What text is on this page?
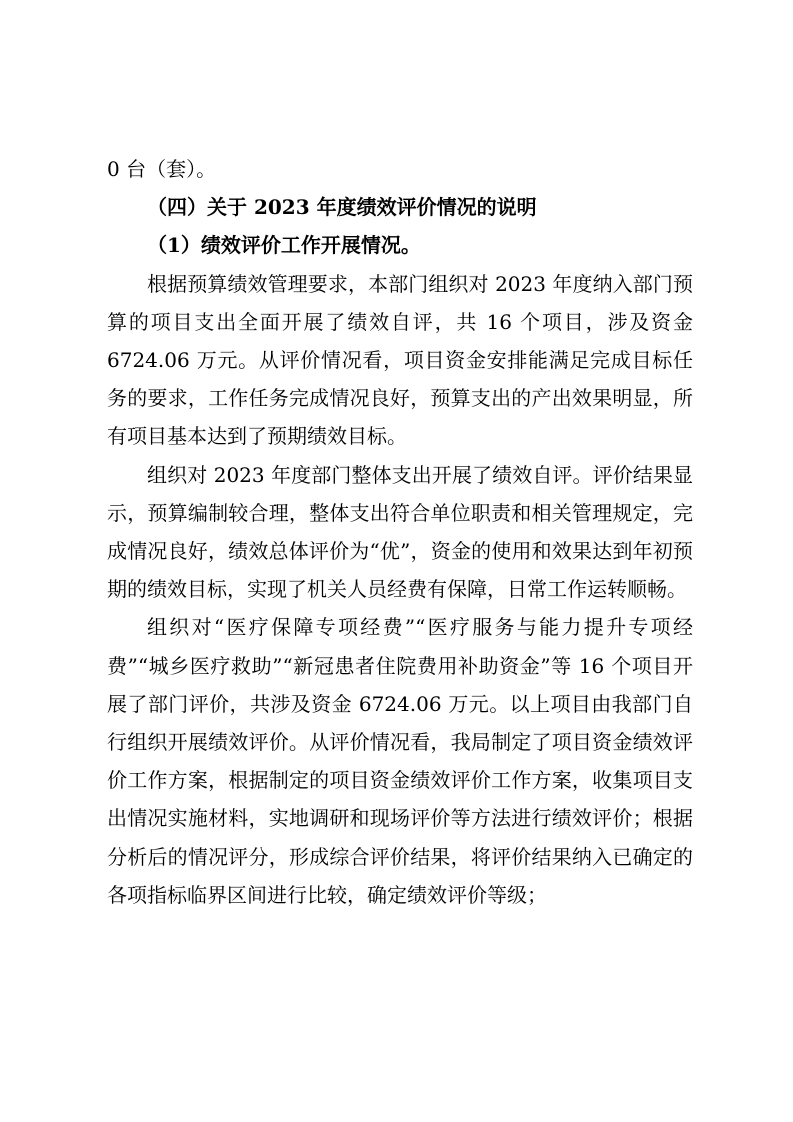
0 台（套）。

（四）关于 2023 年度绩效评价情况的说明

（1）绩效评价工作开展情况。

根据预算绩效管理要求，本部门组织对 2023 年度纳入部门预算的项目支出全面开展了绩效自评，共 16 个项目，涉及资金 6724.06 万元。从评价情况看，项目资金安排能满足完成目标任务的要求，工作任务完成情况良好，预算支出的产出效果明显，所有项目基本达到了预期绩效目标。

组织对 2023 年度部门整体支出开展了绩效自评。评价结果显示，预算编制较合理，整体支出符合单位职责和相关管理规定，完成情况良好，绩效总体评价为“优”，资金的使用和效果达到年初预期的绩效目标，实现了机关人员经费有保障，日常工作运转顺畅。

组织对“医疗保障专项经费”“医疗服务与能力提升专项经费”“城乡医疗救助”“新冠患者住院费用补助资金”等 16 个项目开展了部门评价，共涉及资金 6724.06 万元。以上项目由我部门自行组织开展绩效评价。从评价情况看，我局制定了项目资金绩效评价工作方案，根据制定的项目资金绩效评价工作方案，收集项目支出情况实施材料，实地调研和现场评价等方法进行绩效评价；根据分析后的情况评分，形成综合评价结果，将评价结果纳入已确定的各项指标临界区间进行比较，确定绩效评价等级；
